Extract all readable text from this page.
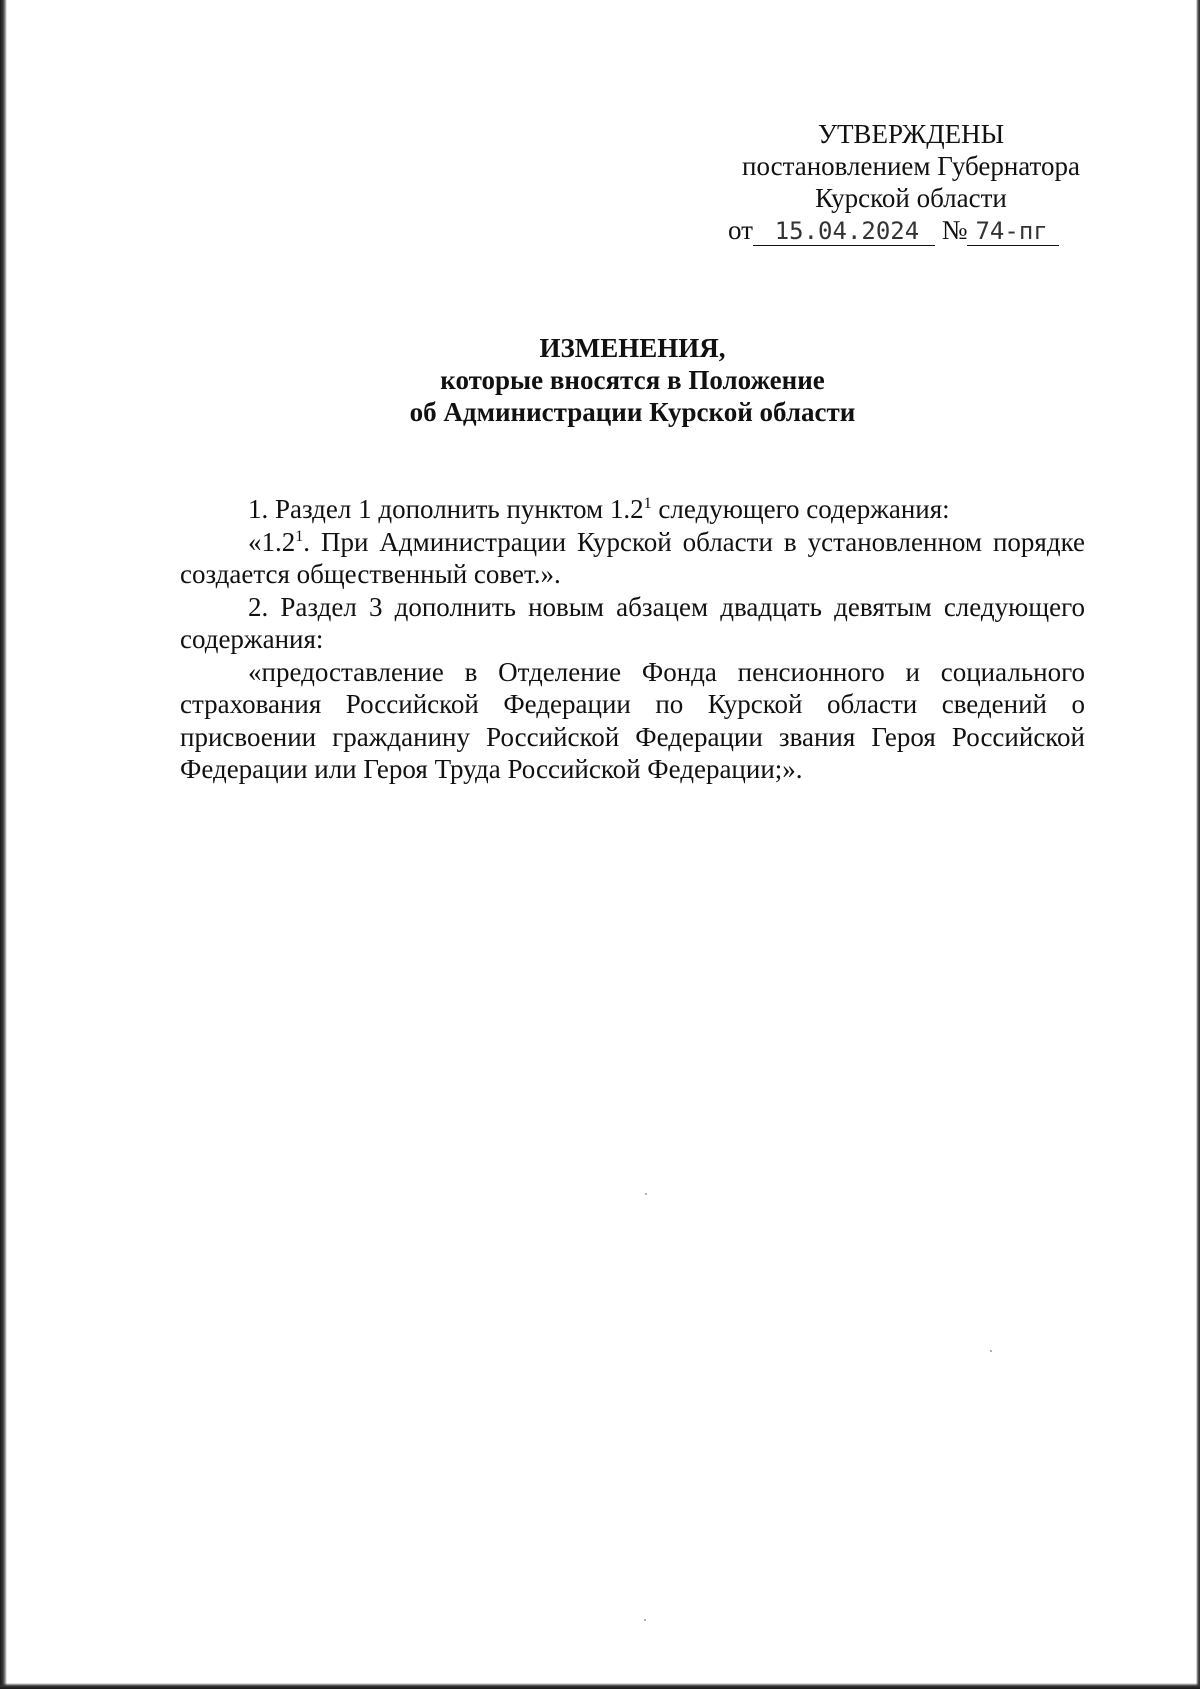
УТВЕРЖДЕНЫ
постановлением Губернатора
Курской области
от 15.04.2024 № 74-пг
ИЗМЕНЕНИЯ,
которые вносятся в Положение
об Администрации Курской области

1. Раздел 1 дополнить пунктом $1.2^1$ следующего содержания:

«$1.2^1$. При Администрации Курской области в установленном порядке создается общественный совет.».

2. Раздел 3 дополнить новым абзацем двадцать девятым следующего содержания:

«предоставление в Отделение Фонда пенсионного и социального страхования Российской Федерации по Курской области сведений о присвоении гражданину Российской Федерации звания Героя Российской Федерации или Героя Труда Российской Федерации;».
